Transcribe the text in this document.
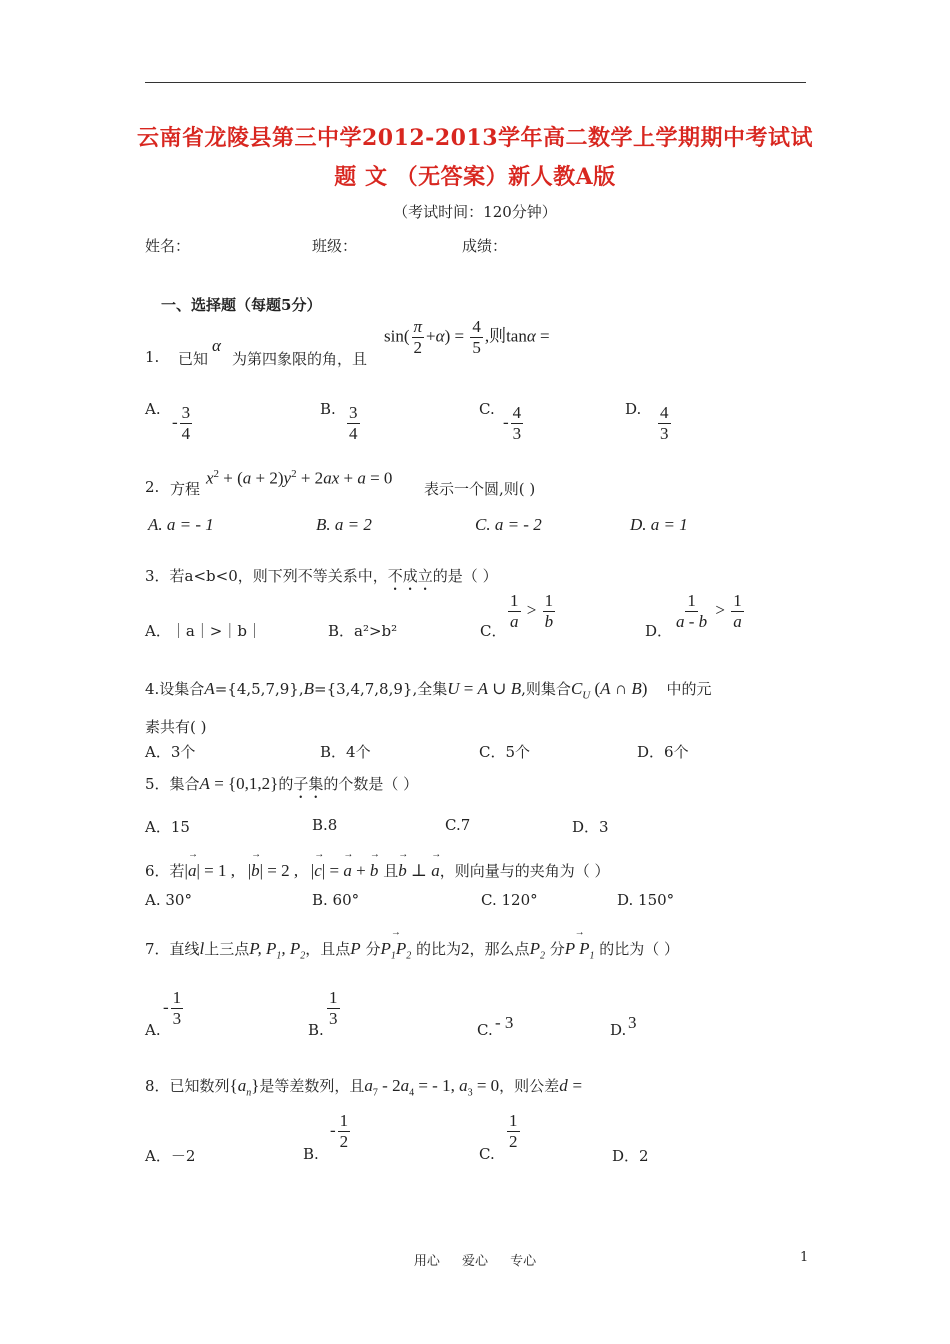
云南省龙陵县第三中学2012-2013学年高二数学上学期期中考试试
题 文 （无答案）新人教A版
（考试时间：120分钟）
姓名：	班级：	成绩：
一、选择题（每题5分）
1. 已知
α
为第四象限的角，且
$\sin( \frac{\pi}{2} +\alpha) = \frac{4}{5}$ ,则tanα =
A.
- $\frac{3}{4}$	B. $\frac{3}{4}$	C.
- $\frac{4}{3}$	D. $\frac{4}{3}$
2. 方程
$x^2 + (a + 2)y^2 + 2ax + a = 0$
表示一个圆,则( )
A. a = - 1	B. a = 2	C. a = - 2	D. a = 1
3．若a<b<0，则下列不等关系中，不成立的是（ ）
A．｜a｜>｜b｜	B．a²>b²	C．
$\frac{1}{a} > \frac{1}{b}$
D．
$\frac{1}{a - b} > \frac{1}{a}$
4.设集合A={4,5,7,9},B={3,4,7,8,9},全集U = A ∪ B,则集合$C_U$ (A ∩ B) 中的元
素共有( )
A．3个	B．4个	C．5个	D．6个
5．集合A = {0,1,2}的子集的个数是（ ）
A．15	B.8	C.7	D．3
6．若|→ a| = 1 ,   |→ b| = 2 ,   |→ c| = → a + → b 且→ b ⊥ → a，则向量与的夹角为（ ）
A. 30°	B. 60°	C. 120°	D. 150°
7．直线l上三点P, $P_1$, $P_2$，且点P 分→ $P_1P_2$ 的比为2，那么点$P_2$ 分→ P $P_1$ 的比为（ ）
A.
- $\frac{1}{3}$
B.
$\frac{1}{3}$
C. - 3	D. 3
8．已知数列$\{a_n\}$是等差数列，且$a_7 - 2a_4$ = - 1, $a_3 = 0$，则公差d =
A．－2	B.
- $\frac{1}{2}$
C.
$\frac{1}{2}$
D．2
用心 爱心 专心	1
